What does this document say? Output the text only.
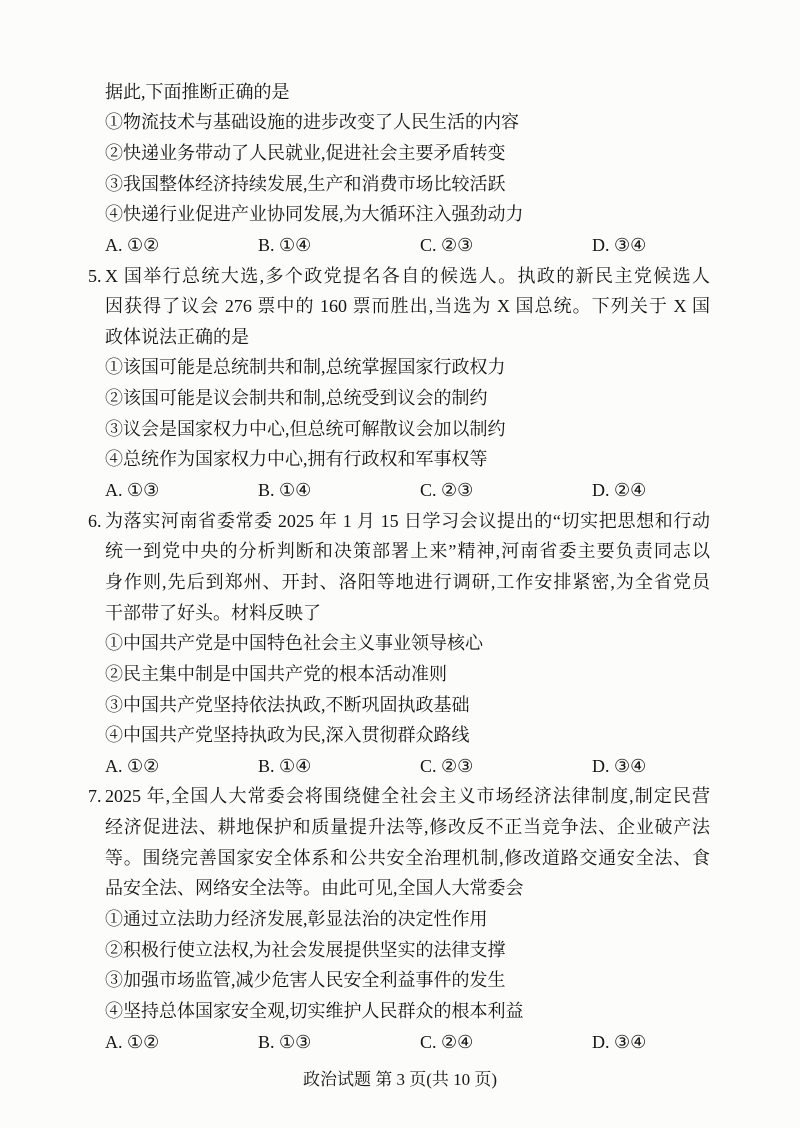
据此,下面推断正确的是
①物流技术与基础设施的进步改变了人民生活的内容
②快递业务带动了人民就业,促进社会主要矛盾转变
③我国整体经济持续发展,生产和消费市场比较活跃
④快递行业促进产业协同发展,为大循环注入强劲动力
A. ①②	B. ①④	C. ②③	D. ③④
5. X 国举行总统大选,多个政党提名各自的候选人。执政的新民主党候选人
因获得了议会 276 票中的 160 票而胜出,当选为 X 国总统。下列关于 X 国
政体说法正确的是
①该国可能是总统制共和制,总统掌握国家行政权力
②该国可能是议会制共和制,总统受到议会的制约
③议会是国家权力中心,但总统可解散议会加以制约
④总统作为国家权力中心,拥有行政权和军事权等
A. ①③	B. ①④	C. ②③	D. ②④
6. 为落实河南省委常委 2025 年 1 月 15 日学习会议提出的“切实把思想和行动
统一到党中央的分析判断和决策部署上来”精神,河南省委主要负责同志以
身作则,先后到郑州、开封、洛阳等地进行调研,工作安排紧密,为全省党员
干部带了好头。材料反映了
①中国共产党是中国特色社会主义事业领导核心
②民主集中制是中国共产党的根本活动准则
③中国共产党坚持依法执政,不断巩固执政基础
④中国共产党坚持执政为民,深入贯彻群众路线
A. ①②	B. ①④	C. ②③	D. ③④
7. 2025 年,全国人大常委会将围绕健全社会主义市场经济法律制度,制定民营
经济促进法、耕地保护和质量提升法等,修改反不正当竞争法、企业破产法
等。围绕完善国家安全体系和公共安全治理机制,修改道路交通安全法、食
品安全法、网络安全法等。由此可见,全国人大常委会
①通过立法助力经济发展,彰显法治的决定性作用
②积极行使立法权,为社会发展提供坚实的法律支撑
③加强市场监管,减少危害人民安全利益事件的发生
④坚持总体国家安全观,切实维护人民群众的根本利益
A. ①②	B. ①③	C. ②④	D. ③④
政治试题 第 3 页(共 10 页)
